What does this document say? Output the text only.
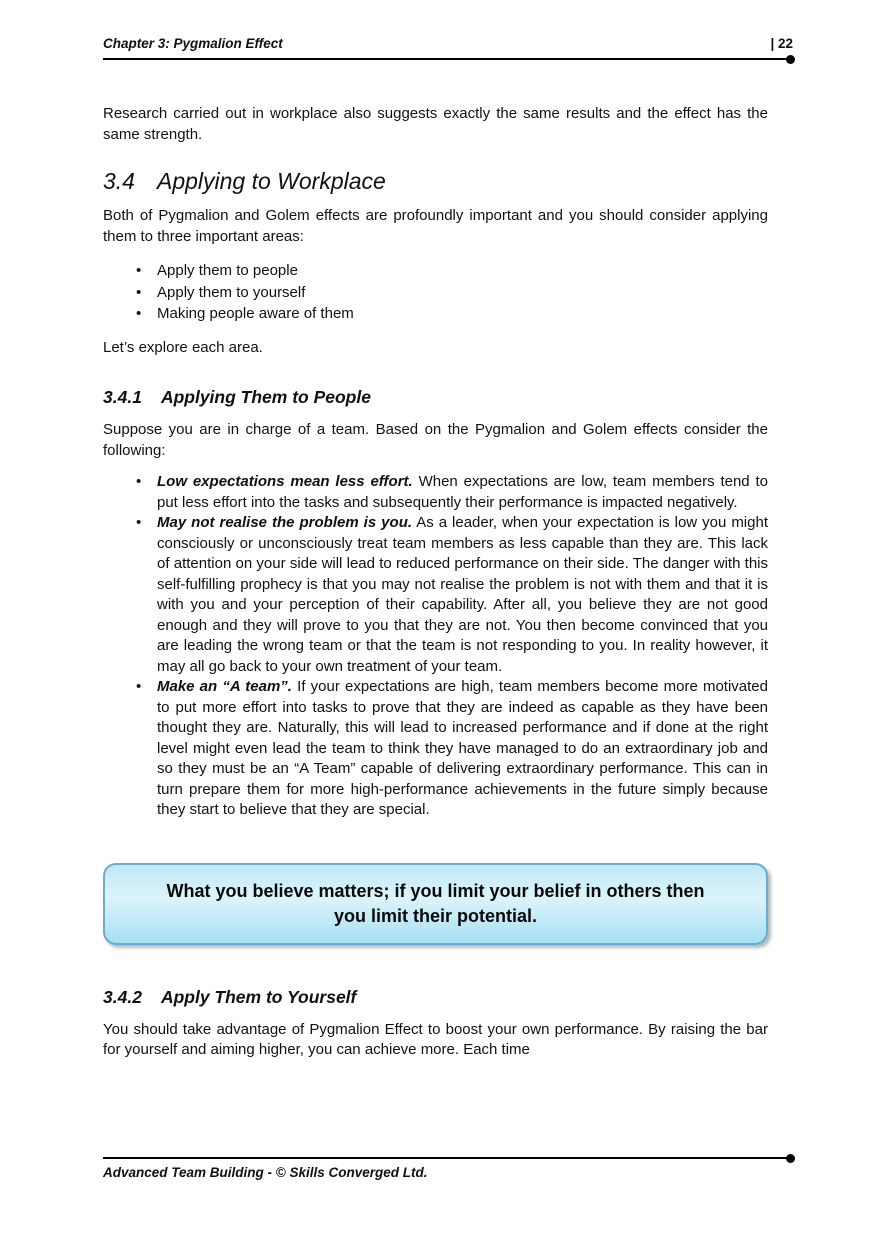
Chapter 3: Pygmalion Effect	| 22

Research carried out in workplace also suggests exactly the same results and the effect has the same strength.

3.4 Applying to Workplace

Both of Pygmalion and Golem effects are profoundly important and you should consider applying them to three important areas:

• Apply them to people
• Apply them to yourself
• Making people aware of them

Let’s explore each area.

3.4.1 Applying Them to People

Suppose you are in charge of a team. Based on the Pygmalion and Golem effects consider the following:

• Low expectations mean less effort. When expectations are low, team members tend to put less effort into the tasks and subsequently their performance is impacted negatively.
• May not realise the problem is you. As a leader, when your expectation is low you might consciously or unconsciously treat team members as less capable than they are. This lack of attention on your side will lead to reduced performance on their side. The danger with this self-fulfilling prophecy is that you may not realise the problem is not with them and that it is with you and your perception of their capability. After all, you believe they are not good enough and they will prove to you that they are not. You then become convinced that you are leading the wrong team or that the team is not responding to you. In reality however, it may all go back to your own treatment of your team.
• Make an “A team”. If your expectations are high, team members become more motivated to put more effort into tasks to prove that they are indeed as capable as they have been thought they are. Naturally, this will lead to increased performance and if done at the right level might even lead the team to think they have managed to do an extraordinary job and so they must be an “A Team” capable of delivering extraordinary performance. This can in turn prepare them for more high-performance achievements in the future simply because they start to believe that they are special.

What you believe matters; if you limit your belief in others then you limit their potential.

3.4.2 Apply Them to Yourself

You should take advantage of Pygmalion Effect to boost your own performance. By raising the bar for yourself and aiming higher, you can achieve more. Each time

Advanced Team Building - © Skills Converged Ltd.
